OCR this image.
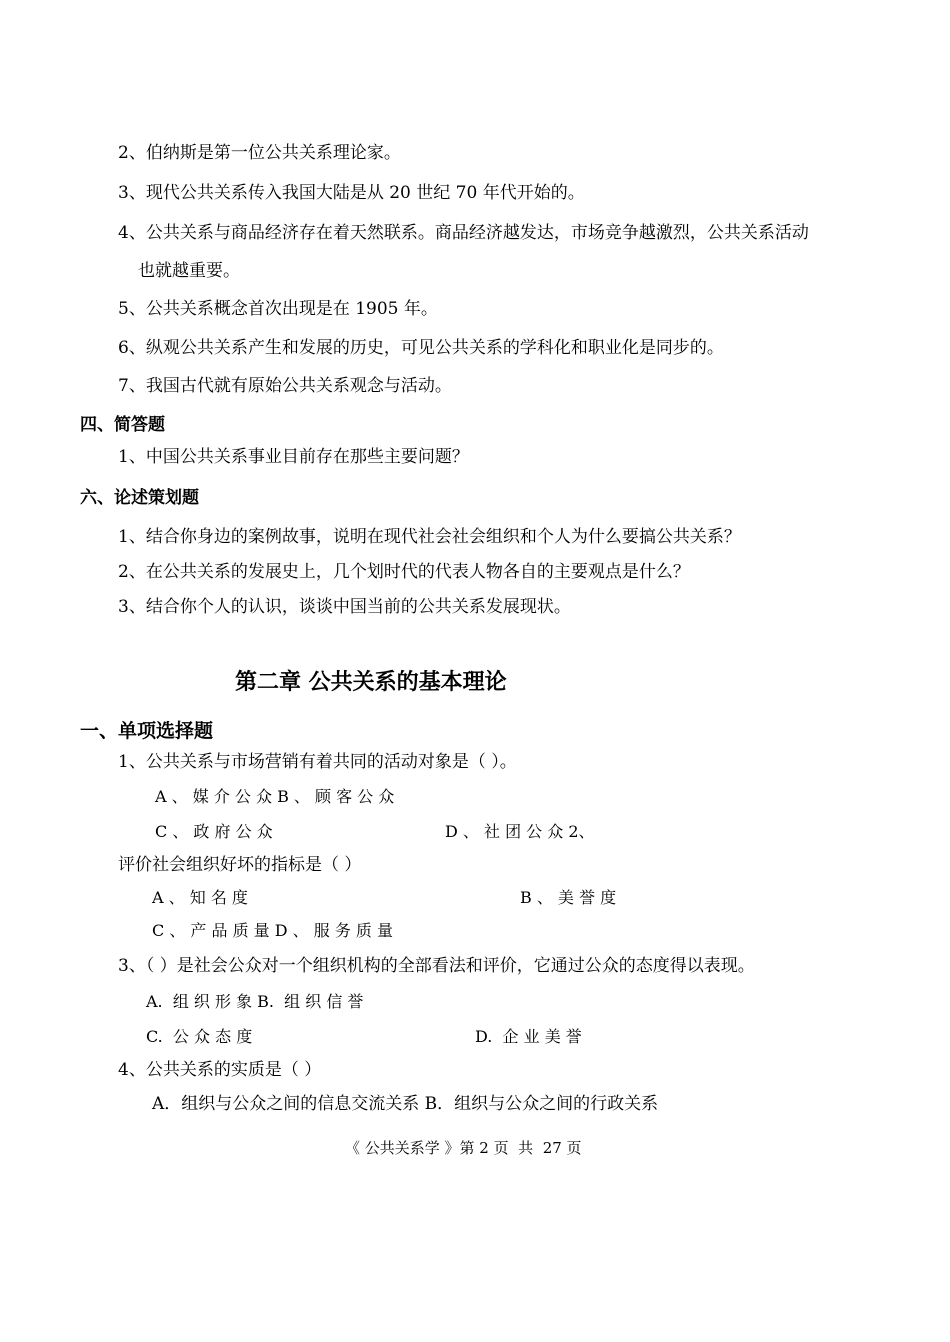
2、伯纳斯是第一位公共关系理论家。
3、现代公共关系传入我国大陆是从 20 世纪 70 年代开始的。
4、公共关系与商品经济存在着天然联系。商品经济越发达，市场竞争越激烈，公共关系活动
也就越重要。
5、公共关系概念首次出现是在 1905 年。
6、纵观公共关系产生和发展的历史，可见公共关系的学科化和职业化是同步的。
7、我国古代就有原始公共关系观念与活动。
四、简答题
1、中国公共关系事业目前存在那些主要问题？
六、论述策划题
1、结合你身边的案例故事，说明在现代社会社会组织和个人为什么要搞公共关系？
2、在公共关系的发展史上，几个划时代的代表人物各自的主要观点是什么？
3、结合你个人的认识，谈谈中国当前的公共关系发展现状。
第二章 公共关系的基本理论
一、单项选择题
1、公共关系与市场营销有着共同的活动对象是（ ）。
A 、 媒 介 公 众 B 、 顾 客 公 众
C 、 政 府 公 众	D 、 社 团 公 众 2、
评价社会组织好坏的指标是（ ）
A 、 知 名 度	B 、 美 誉 度
C 、 产 品 质 量 D 、 服 务 质 量
3、（ ）是社会公众对一个组织机构的全部看法和评价，它通过公众的态度得以表现。
A.  组 织 形 象 B.  组 织 信 誉
C.  公 众 态 度	D.  企 业 美 誉
4、公共关系的实质是（ ）
A．组织与公众之间的信息交流关系 B．组织与公众之间的行政关系
《 公共关系学 》第 2 页  共  27 页
